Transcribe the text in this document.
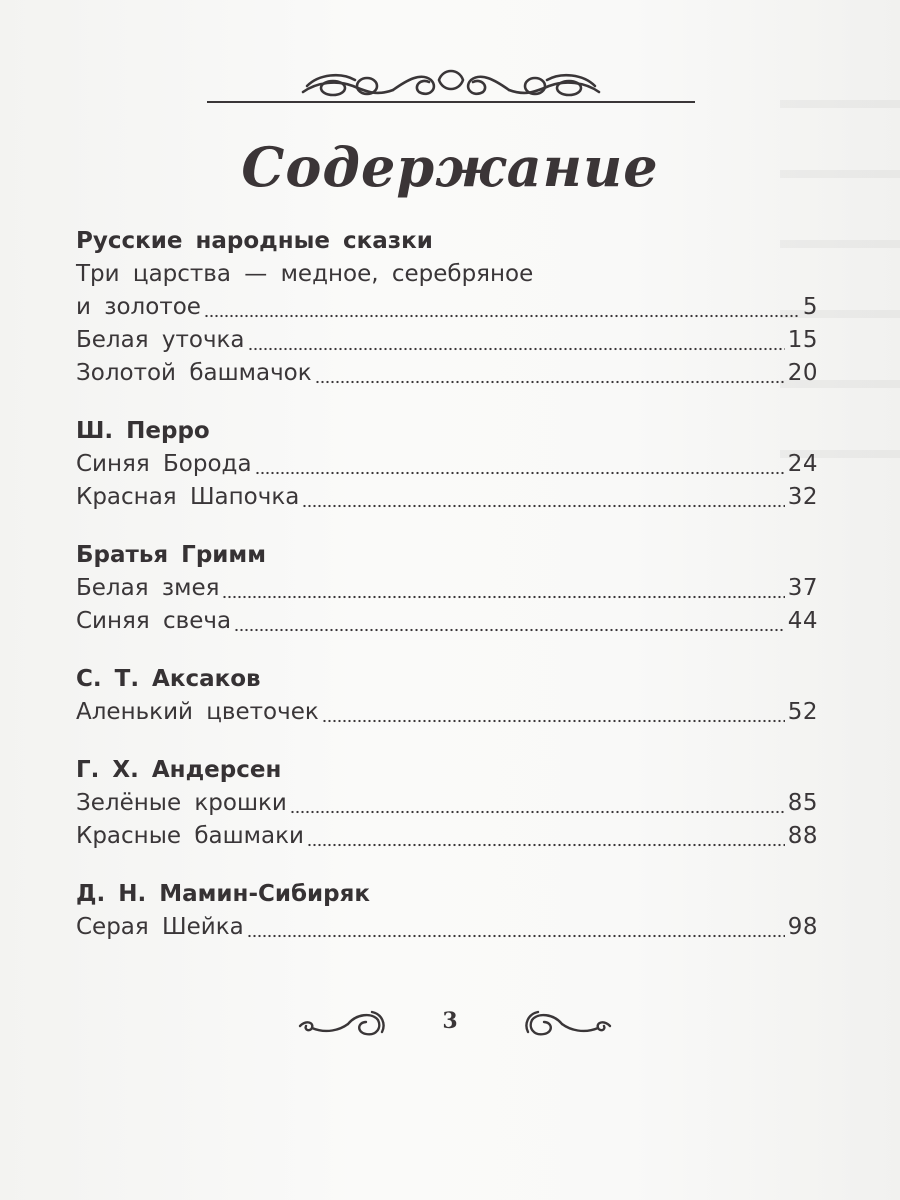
Содержание
Русские народные сказки
Три царства — медное, серебряное
и золотое	5
Белая уточка	15
Золотой башмачок	20
Ш. Перро
Синяя Борода	24
Красная Шапочка	32
Братья Гримм
Белая змея	37
Синяя свеча	44
С. Т. Аксаков
Аленький цветочек	52
Г. Х. Андерсен
Зелёные крошки	85
Красные башмаки	88
Д. Н. Мамин-Сибиряк
Серая Шейка	98
3
